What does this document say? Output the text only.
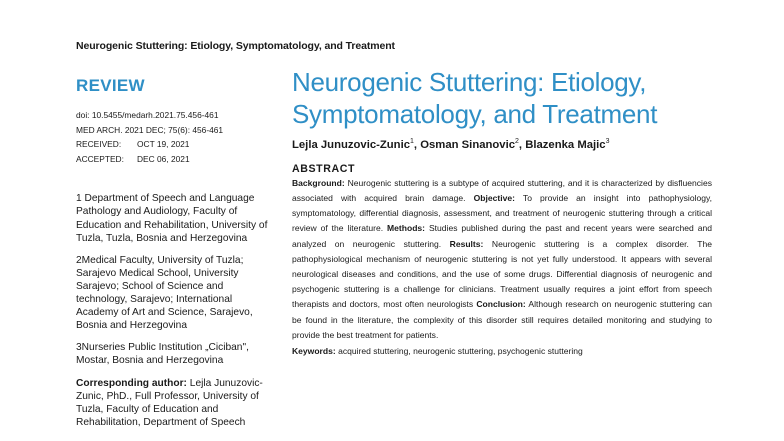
Neurogenic Stuttering: Etiology, Symptomatology, and Treatment
REVIEW
doi: 10.5455/medarh.2021.75.456-461
MED ARCH. 2021 DEC; 75(6): 456-461
RECEIVED:	OCT 19, 2021
ACCEPTED:	DEC 06, 2021

1 Department of Speech and Language Pathology and Audiology, Faculty of Education and Rehabilitation, University of Tuzla, Tuzla, Bosnia and Herzegovina

2Medical Faculty, University of Tuzla; Sarajevo Medical School, University Sarajevo; School of Science and technology, Sarajevo; International Academy of Art and Science, Sarajevo, Bosnia and Herzegovina

3Nurseries Public Institution „Ciciban", Mostar, Bosnia and Herzegovina

Corresponding author: Lejla Junuzovic-Zunic, PhD., Full Professor, University of Tuzla, Faculty of Education and Rehabilitation, Department of Speech
Neurogenic Stuttering: Etiology,
Symptomatology, and Treatment
Lejla Junuzovic-Zunic$^1$, Osman Sinanovic$^2$, Blazenka Majic$^3$
ABSTRACT
Background: Neurogenic stuttering is a subtype of acquired stuttering, and it is characterized by disfluencies associated with acquired brain damage. Objective: To provide an insight into pathophysiology, symptomatology, differential diagnosis, assessment, and treatment of neurogenic stuttering through a critical review of the literature. Methods: Studies published during the past and recent years were searched and analyzed on neurogenic stuttering. Results: Neurogenic stuttering is a complex disorder. The pathophysiological mechanism of neurogenic stuttering is not yet fully understood. It appears with several neurological diseases and conditions, and the use of some drugs. Differential diagnosis of neurogenic and psychogenic stuttering is a challenge for clinicians. Treatment usually requires a joint effort from speech therapists and doctors, most often neurologists Conclusion: Although research on neurogenic stuttering can be found in the literature, the complexity of this disorder still requires detailed monitoring and studying to provide the best treatment for patients.
Keywords: acquired stuttering, neurogenic stuttering, psychogenic stuttering
